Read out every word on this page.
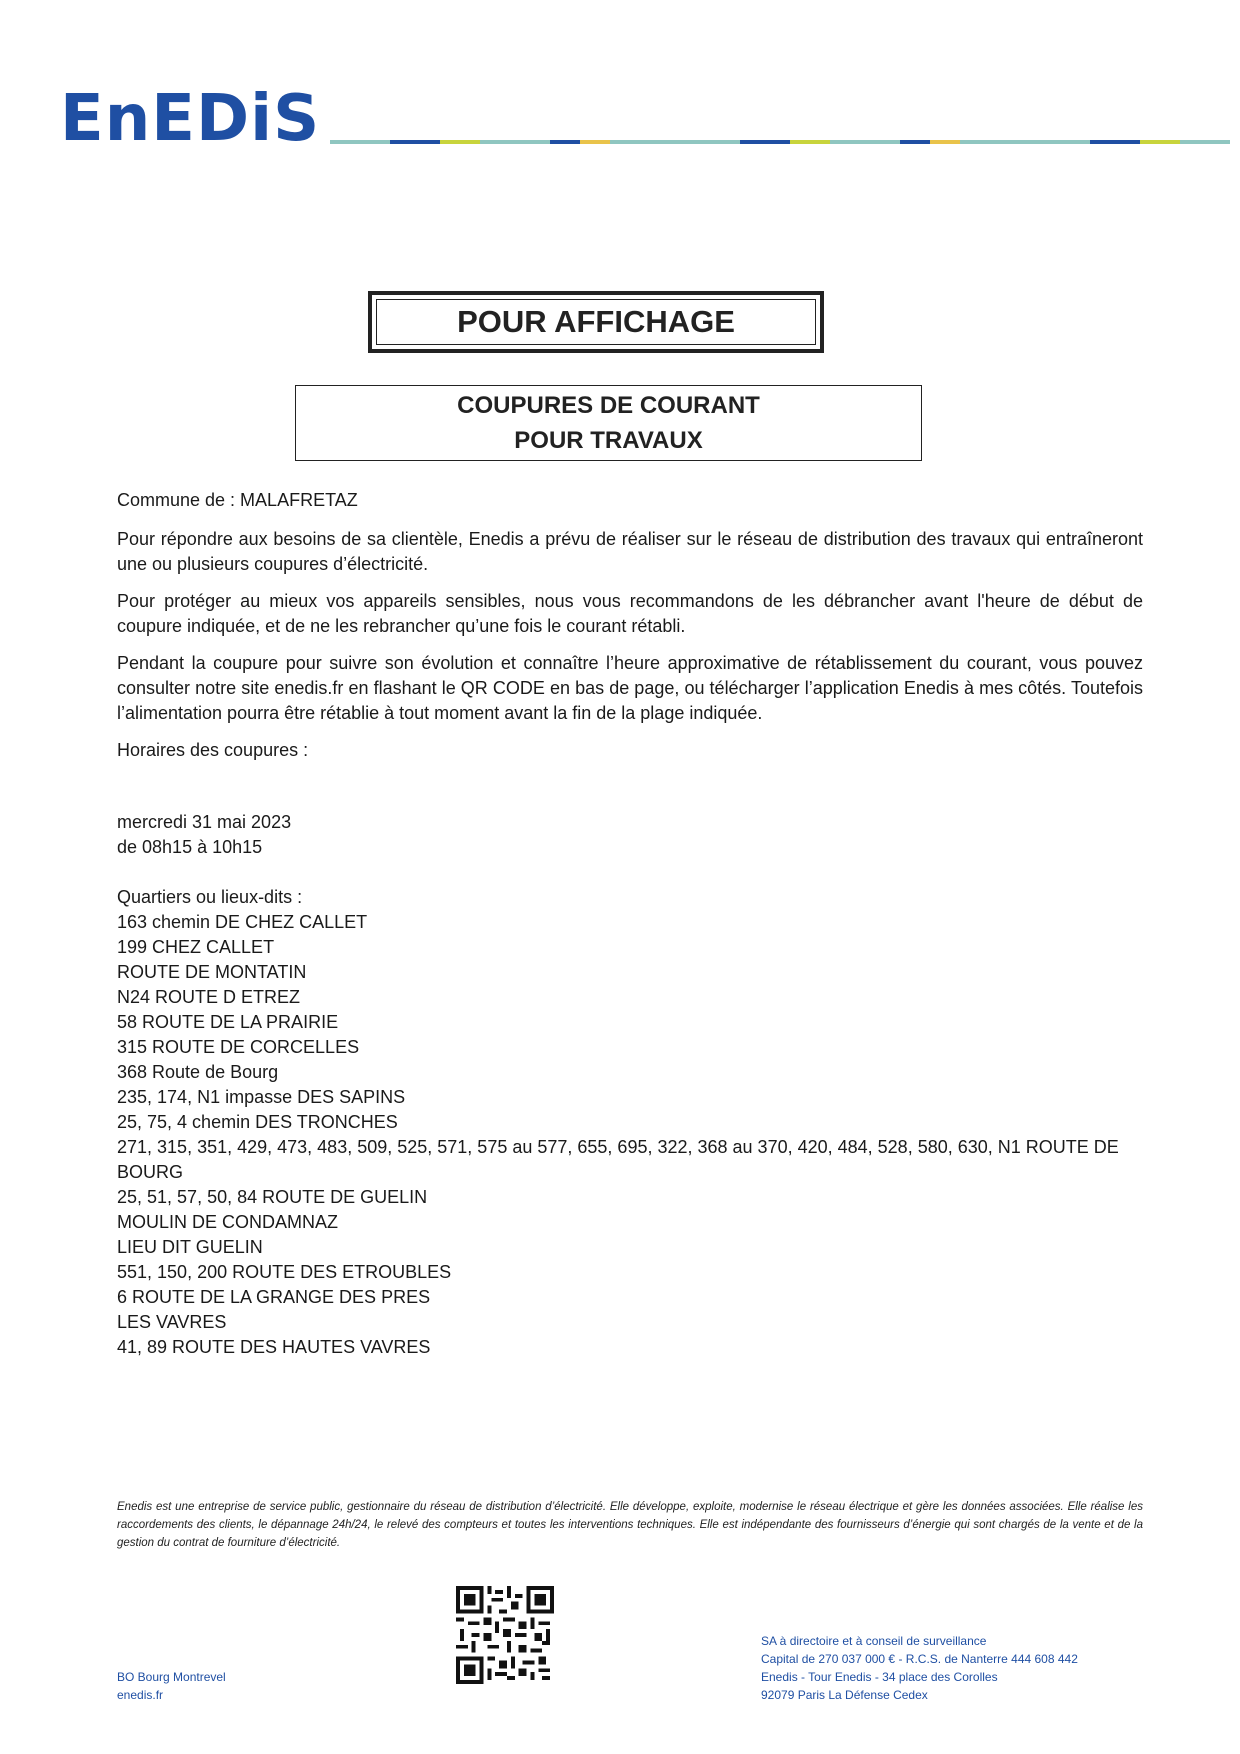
EnEDiS
POUR AFFICHAGE
COUPURES DE COURANT
POUR TRAVAUX

Commune de : MALAFRETAZ

Pour répondre aux besoins de sa clientèle, Enedis a prévu de réaliser sur le réseau de distribution des travaux qui entraîneront une ou plusieurs coupures d’électricité.

Pour protéger au mieux vos appareils sensibles, nous vous recommandons de les débrancher avant l'heure de début de coupure indiquée, et de ne les rebrancher qu’une fois le courant rétabli.

Pendant la coupure pour suivre son évolution et connaître l’heure approximative de rétablissement du courant, vous pouvez consulter notre site enedis.fr en flashant le QR CODE en bas de page, ou télécharger l’application Enedis à mes côtés. Toutefois l’alimentation pourra être rétablie à tout moment avant la fin de la plage indiquée.

Horaires des coupures :

mercredi 31 mai 2023
de 08h15 à 10h15
Quartiers ou lieux-dits :
163 chemin DE CHEZ CALLET
199 CHEZ CALLET
ROUTE DE MONTATIN
N24 ROUTE D ETREZ
58 ROUTE DE LA PRAIRIE
315 ROUTE DE CORCELLES
368 Route de Bourg
235, 174, N1 impasse DES SAPINS
25, 75, 4 chemin DES TRONCHES
271, 315, 351, 429, 473, 483, 509, 525, 571, 575 au 577, 655, 695, 322, 368 au 370, 420, 484, 528, 580, 630, N1 ROUTE DE BOURG
25, 51, 57, 50, 84 ROUTE DE GUELIN
MOULIN DE CONDAMNAZ
LIEU DIT GUELIN
551, 150, 200 ROUTE DES ETROUBLES
6 ROUTE DE LA GRANGE DES PRES
LES VAVRES
41, 89 ROUTE DES HAUTES VAVRES
Enedis est une entreprise de service public, gestionnaire du réseau de distribution d’électricité. Elle développe, exploite, modernise le réseau électrique et gère les données associées. Elle réalise les raccordements des clients, le dépannage 24h/24, le relevé des compteurs et toutes les interventions techniques. Elle est indépendante des fournisseurs d’énergie qui sont chargés de la vente et de la gestion du contrat de fourniture d’électricité.
BO Bourg Montrevel
enedis.fr
SA à directoire et à conseil de surveillance
Capital de 270 037 000 € - R.C.S. de Nanterre 444 608 442
Enedis - Tour Enedis - 34 place des Corolles
92079 Paris La Défense Cedex
